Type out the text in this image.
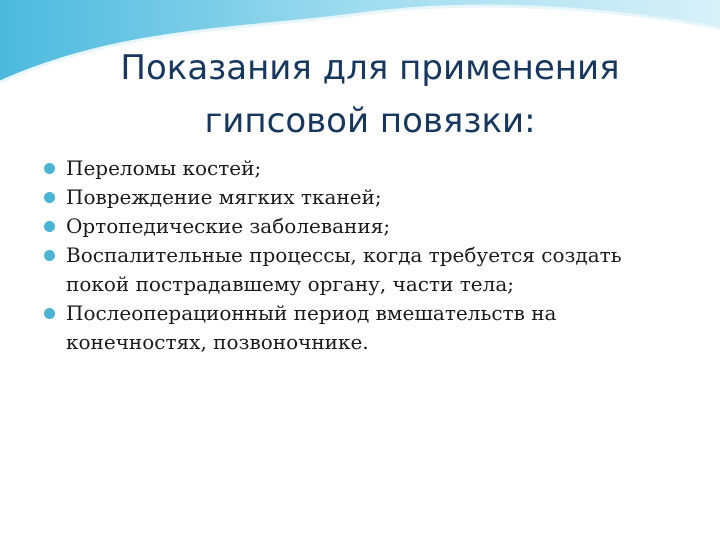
Показания для применения гипсовой повязки:
Переломы костей;
Повреждение мягких тканей;
Ортопедические заболевания;
Воспалительные процессы, когда требуется создать покой пострадавшему органу, части тела;
Послеоперационный период вмешательств на конечностях, позвоночнике.
